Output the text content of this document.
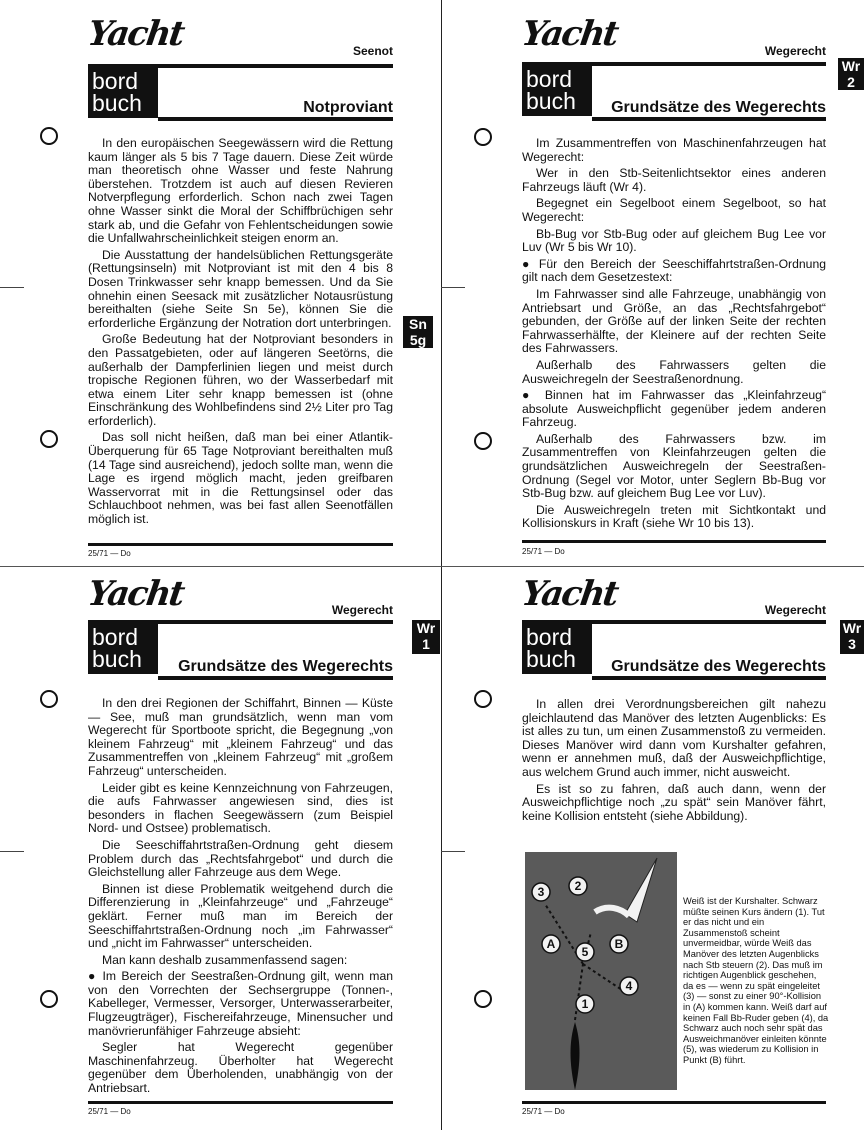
Yacht	Seenot
bord
buch	Notproviant

In den europäischen Seegewässern wird die Rettung kaum länger als 5 bis 7 Tage dauern. Diese Zeit würde man theoretisch ohne Wasser und feste Nahrung überstehen. Trotzdem ist auch auf diesen Revieren Notverpflegung erforderlich. Schon nach zwei Tagen ohne Wasser sinkt die Moral der Schiffbrüchigen sehr stark ab, und die Gefahr von Fehlentscheidungen sowie die Unfallwahrscheinlichkeit steigen enorm an.

Die Ausstattung der handelsüblichen Rettungsgeräte (Rettungsinseln) mit Notproviant ist mit den 4 bis 8 Dosen Trinkwasser sehr knapp bemessen. Und da Sie ohnehin einen Seesack mit zusätzlicher Notausrüstung bereithalten (siehe Seite Sn 5e), können Sie die erforderliche Ergänzung der Notration dort unterbringen.

Große Bedeutung hat der Notproviant besonders in den Passatgebieten, oder auf längeren Seetörns, die außerhalb der Dampferlinien liegen und meist durch tropische Regionen führen, wo der Wasserbedarf mit etwa einem Liter sehr knapp bemessen ist (ohne Einschränkung des Wohlbefindens sind 2½ Liter pro Tag erforderlich).

Das soll nicht heißen, daß man bei einer Atlantik-Überquerung für 65 Tage Notproviant bereithalten muß (14 Tage sind ausreichend), jedoch sollte man, wenn die Lage es irgend möglich macht, jeden greifbaren Wasservorrat mit in die Rettungsinsel oder das Schlauchboot nehmen, was bei fast allen Seenotfällen möglich ist.

25/71 — Do
Sn
5g
Yacht	Wegerecht
bord
buch	Grundsätze des Wegerechts

Im Zusammentreffen von Maschinenfahrzeugen hat Wegerecht:

Wer in den Stb-Seitenlichtsektor eines anderen Fahrzeugs läuft (Wr 4).

Begegnet ein Segelboot einem Segelboot, so hat Wegerecht:

Bb-Bug vor Stb-Bug oder auf gleichem Bug Lee vor Luv (Wr 5 bis Wr 10).

● Für den Bereich der Seeschiffahrtstraßen-Ordnung gilt nach dem Gesetzestext:

Im Fahrwasser sind alle Fahrzeuge, unabhängig von Antriebsart und Größe, an das „Rechtsfahrgebot“ gebunden, der Größe auf der linken Seite der rechten Fahrwasserhälfte, der Kleinere auf der rechten Seite des Fahrwassers.

Außerhalb des Fahrwassers gelten die Ausweichregeln der Seestraßenordnung.

● Binnen hat im Fahrwasser das „Kleinfahrzeug“ absolute Ausweichpflicht gegenüber jedem anderen Fahrzeug.

Außerhalb des Fahrwassers bzw. im Zusammentreffen von Kleinfahrzeugen gelten die grundsätzlichen Ausweichregeln der Seestraßen-Ordnung (Segel vor Motor, unter Seglern Bb-Bug vor Stb-Bug bzw. auf gleichem Bug Lee vor Luv).

Die Ausweichregeln treten mit Sichtkontakt und Kollisionskurs in Kraft (siehe Wr 10 bis 13).

25/71 — Do
Wr
2
Yacht	Wegerecht
bord
buch	Grundsätze des Wegerechts

In den drei Regionen der Schiffahrt, Binnen — Küste — See, muß man grundsätzlich, wenn man vom Wegerecht für Sportboote spricht, die Begegnung „von kleinem Fahrzeug“ mit „kleinem Fahrzeug“ und das Zusammentreffen von „kleinem Fahrzeug“ mit „großem Fahrzeug“ unterscheiden.

Leider gibt es keine Kennzeichnung von Fahrzeugen, die aufs Fahrwasser angewiesen sind, dies ist besonders in flachen Seegewässern (zum Beispiel Nord- und Ostsee) problematisch.

Die Seeschiffahrtstraßen-Ordnung geht diesem Problem durch das „Rechtsfahrgebot“ und durch die Gleichstellung aller Fahrzeuge aus dem Wege.

Binnen ist diese Problematik weitgehend durch die Differenzierung in „Kleinfahrzeuge“ und „Fahrzeuge“ geklärt. Ferner muß man im Bereich der Seeschiffahrtstraßen-Ordnung noch „im Fahrwasser“ und „nicht im Fahrwasser“ unterscheiden.

Man kann deshalb zusammenfassend sagen:

● Im Bereich der Seestraßen-Ordnung gilt, wenn man von den Vorrechten der Sechsergruppe (Tonnen-, Kabelleger, Vermesser, Versorger, Unterwasserarbeiter, Flugzeugträger), Fischereifahrzeuge, Minensucher und manövrierunfähiger Fahrzeuge absieht:

Segler hat Wegerecht gegenüber Maschinenfahrzeug. Überholter hat Wegerecht gegenüber dem Überholenden, unabhängig von der Antriebsart.

25/71 — Do
Wr
1
Yacht	Wegerecht
bord
buch	Grundsätze des Wegerechts

In allen drei Verordnungsbereichen gilt nahezu gleichlautend das Manöver des letzten Augenblicks: Es ist alles zu tun, um einen Zusammenstoß zu vermeiden. Dieses Manöver wird dann vom Kurshalter gefahren, wenn er annehmen muß, daß der Ausweichpflichtige, aus welchem Grund auch immer, nicht ausweicht.

Es ist so zu fahren, daß auch dann, wenn der Ausweichpflichtige noch „zu spät“ sein Manöver fährt, keine Kollision entsteht (siehe Abbildung).

1
2
3
4
5
A	B
Weiß ist der Kurshalter. Schwarz müßte seinen Kurs ändern (1). Tut er das nicht und ein Zusammenstoß scheint unvermeidbar, würde Weiß das Manöver des letzten Augenblicks nach Stb steuern (2). Das muß im richtigen Augenblick geschehen, da es — wenn zu spät eingeleitet (3) — sonst zu einer 90°-Kollision in (A) kommen kann. Weiß darf auf keinen Fall Bb-Ruder geben (4), da Schwarz auch noch sehr spät das Ausweichmanöver einleiten könnte (5), was wiederum zu Kollision in Punkt (B) führt.
25/71 — Do
Wr
3
